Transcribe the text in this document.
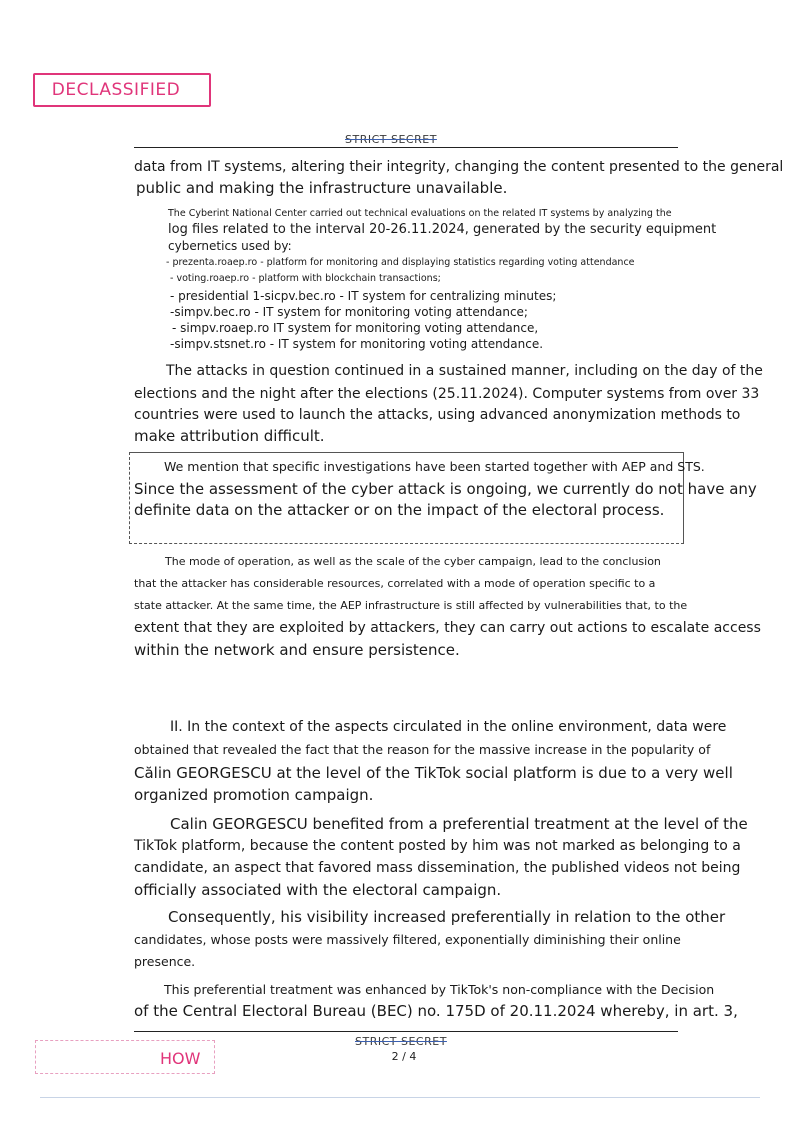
DECLASSIFIED
STRICT SECRET
data from IT systems, altering their integrity, changing the content presented to the general
public and making the infrastructure unavailable.
The Cyberint National Center carried out technical evaluations on the related IT systems by analyzing the
log files related to the interval 20-26.11.2024, generated by the security equipment
cybernetics used by:
- prezenta.roaep.ro - platform for monitoring and displaying statistics regarding voting attendance
- voting.roaep.ro - platform with blockchain transactions;
- presidential 1-sicpv.bec.ro - IT system for centralizing minutes;
-simpv.bec.ro - IT system for monitoring voting attendance;
- simpv.roaep.ro IT system for monitoring voting attendance,
-simpv.stsnet.ro - IT system for monitoring voting attendance.
The attacks in question continued in a sustained manner, including on the day of the
elections and the night after the elections (25.11.2024). Computer systems from over 33
countries were used to launch the attacks, using advanced anonymization methods to
make attribution difficult.
We mention that specific investigations have been started together with AEP and STS.
Since the assessment of the cyber attack is ongoing, we currently do not have any
definite data on the attacker or on the impact of the electoral process.
The mode of operation, as well as the scale of the cyber campaign, lead to the conclusion
that the attacker has considerable resources, correlated with a mode of operation specific to a
state attacker. At the same time, the AEP infrastructure is still affected by vulnerabilities that, to the
extent that they are exploited by attackers, they can carry out actions to escalate access
within the network and ensure persistence.
II. In the context of the aspects circulated in the online environment, data were
obtained that revealed the fact that the reason for the massive increase in the popularity of
Călin GEORGESCU at the level of the TikTok social platform is due to a very well
organized promotion campaign.
Calin GEORGESCU benefited from a preferential treatment at the level of the
TikTok platform, because the content posted by him was not marked as belonging to a
candidate, an aspect that favored mass dissemination, the published videos not being
officially associated with the electoral campaign.
Consequently, his visibility increased preferentially in relation to the other
candidates, whose posts were massively filtered, exponentially diminishing their online
presence.
This preferential treatment was enhanced by TikTok's non-compliance with the Decision
of the Central Electoral Bureau (BEC) no. 175D of 20.11.2024 whereby, in art. 3,
STRICT SECRET
2 / 4
HOW
